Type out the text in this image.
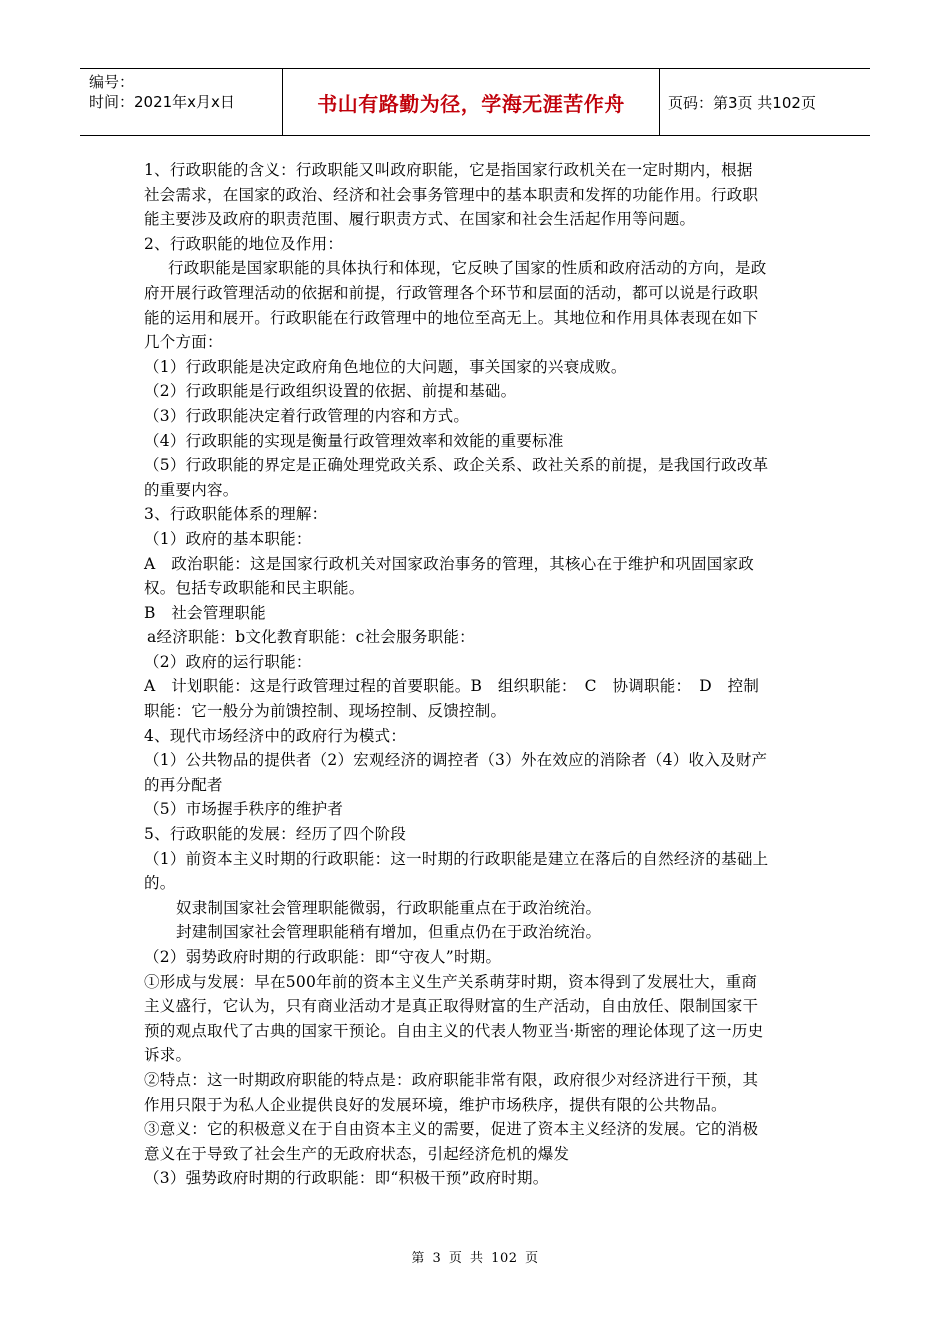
编号：
时间：2021年x月x日	书山有路勤为径，学海无涯苦作舟	页码：第3页 共102页

1、行政职能的含义：行政职能又叫政府职能，它是指国家行政机关在一定时期内，根据

社会需求，在国家的政治、经济和社会事务管理中的基本职责和发挥的功能作用。行政职

能主要涉及政府的职责范围、履行职责方式、在国家和社会生活起作用等问题。

2、行政职能的地位及作用：

行政职能是国家职能的具体执行和体现，它反映了国家的性质和政府活动的方向，是政

府开展行政管理活动的依据和前提，行政管理各个环节和层面的活动，都可以说是行政职

能的运用和展开。行政职能在行政管理中的地位至高无上。其地位和作用具体表现在如下

几个方面：

（1）行政职能是决定政府角色地位的大问题，事关国家的兴衰成败。

（2）行政职能是行政组织设置的依据、前提和基础。

（3）行政职能决定着行政管理的内容和方式。

（4）行政职能的实现是衡量行政管理效率和效能的重要标准

（5）行政职能的界定是正确处理党政关系、政企关系、政社关系的前提，是我国行政改革

的重要内容。

3、行政职能体系的理解：

（1）政府的基本职能：

A　政治职能：这是国家行政机关对国家政治事务的管理，其核心在于维护和巩固国家政

权。包括专政职能和民主职能。

B　社会管理职能

a经济职能：b文化教育职能：c社会服务职能：

（2）政府的运行职能：

A　计划职能：这是行政管理过程的首要职能。B　组织职能：　C　协调职能：　D　控制

职能：它一般分为前馈控制、现场控制、反馈控制。

4、现代市场经济中的政府行为模式：

（1）公共物品的提供者（2）宏观经济的调控者（3）外在效应的消除者（4）收入及财产

的再分配者

（5）市场握手秩序的维护者

5、行政职能的发展：经历了四个阶段

（1）前资本主义时期的行政职能：这一时期的行政职能是建立在落后的自然经济的基础上

的。

奴隶制国家社会管理职能微弱，行政职能重点在于政治统治。

封建制国家社会管理职能稍有增加，但重点仍在于政治统治。

（2）弱势政府时期的行政职能：即“守夜人”时期。

①形成与发展：早在500年前的资本主义生产关系萌芽时期，资本得到了发展壮大，重商

主义盛行，它认为，只有商业活动才是真正取得财富的生产活动，自由放任、限制国家干

预的观点取代了古典的国家干预论。自由主义的代表人物亚当·斯密的理论体现了这一历史

诉求。

②特点：这一时期政府职能的特点是：政府职能非常有限，政府很少对经济进行干预，其

作用只限于为私人企业提供良好的发展环境，维护市场秩序，提供有限的公共物品。

③意义：它的积极意义在于自由资本主义的需要，促进了资本主义经济的发展。它的消极

意义在于导致了社会生产的无政府状态，引起经济危机的爆发

（3）强势政府时期的行政职能：即“积极干预”政府时期。

第 3 页 共 102 页
